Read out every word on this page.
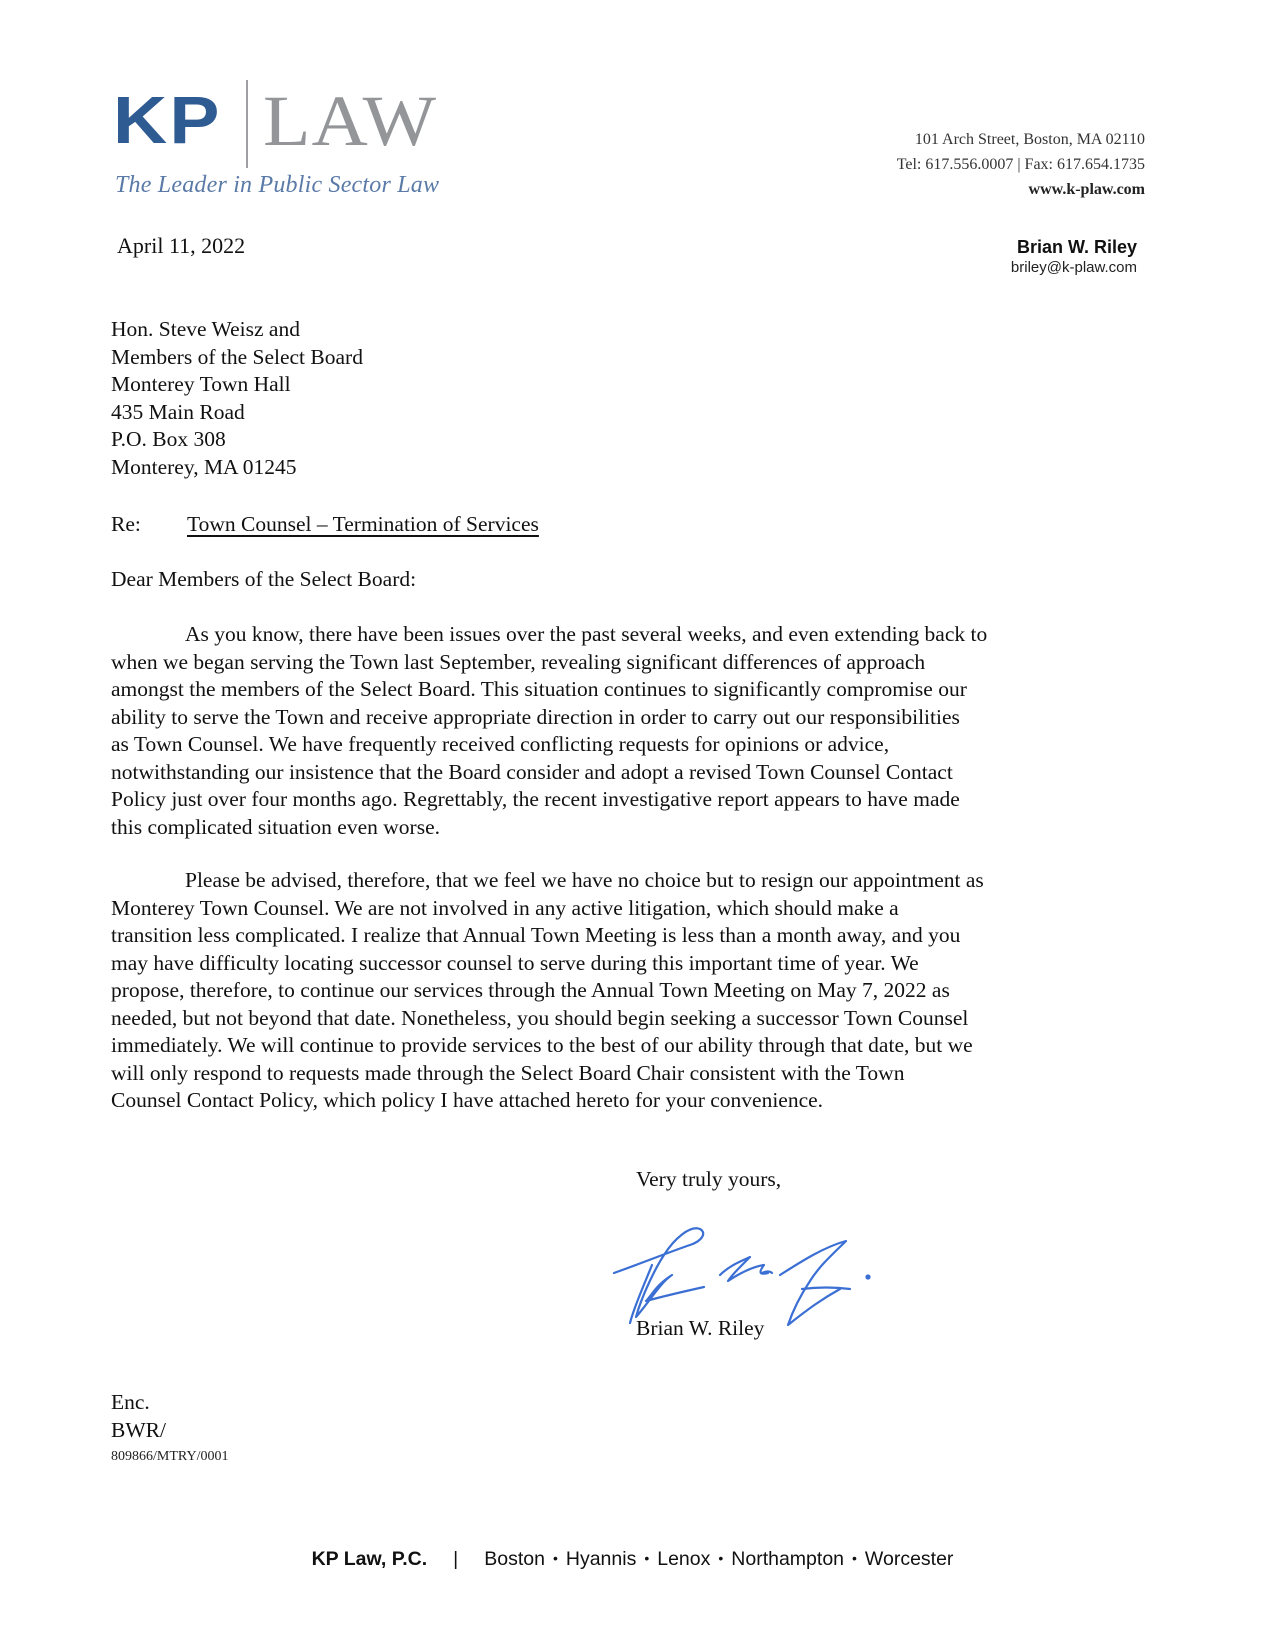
KP LAW
The Leader in Public Sector Law
101 Arch Street, Boston, MA 02110
Tel: 617.556.0007 | Fax: 617.654.1735
www.k-plaw.com
April 11, 2022	Brian W. Riley
briley@k-plaw.com
Hon. Steve Weisz and
Members of the Select Board
Monterey Town Hall
435 Main Road
P.O. Box 308
Monterey, MA 01245
Re: Town Counsel – Termination of Services
Dear Members of the Select Board:
As you know, there have been issues over the past several weeks, and even extending back to
when we began serving the Town last September, revealing significant differences of approach
amongst the members of the Select Board. This situation continues to significantly compromise our
ability to serve the Town and receive appropriate direction in order to carry out our responsibilities
as Town Counsel. We have frequently received conflicting requests for opinions or advice,
notwithstanding our insistence that the Board consider and adopt a revised Town Counsel Contact
Policy just over four months ago. Regrettably, the recent investigative report appears to have made
this complicated situation even worse.
Please be advised, therefore, that we feel we have no choice but to resign our appointment as
Monterey Town Counsel. We are not involved in any active litigation, which should make a
transition less complicated. I realize that Annual Town Meeting is less than a month away, and you
may have difficulty locating successor counsel to serve during this important time of year. We
propose, therefore, to continue our services through the Annual Town Meeting on May 7, 2022 as
needed, but not beyond that date. Nonetheless, you should begin seeking a successor Town Counsel
immediately. We will continue to provide services to the best of our ability through that date, but we
will only respond to requests made through the Select Board Chair consistent with the Town
Counsel Contact Policy, which policy I have attached hereto for your convenience.
Very truly yours,
Brian W. Riley
Enc.
BWR/
809866/MTRY/0001
KP Law, P.C. | Boston • Hyannis • Lenox • Northampton • Worcester
